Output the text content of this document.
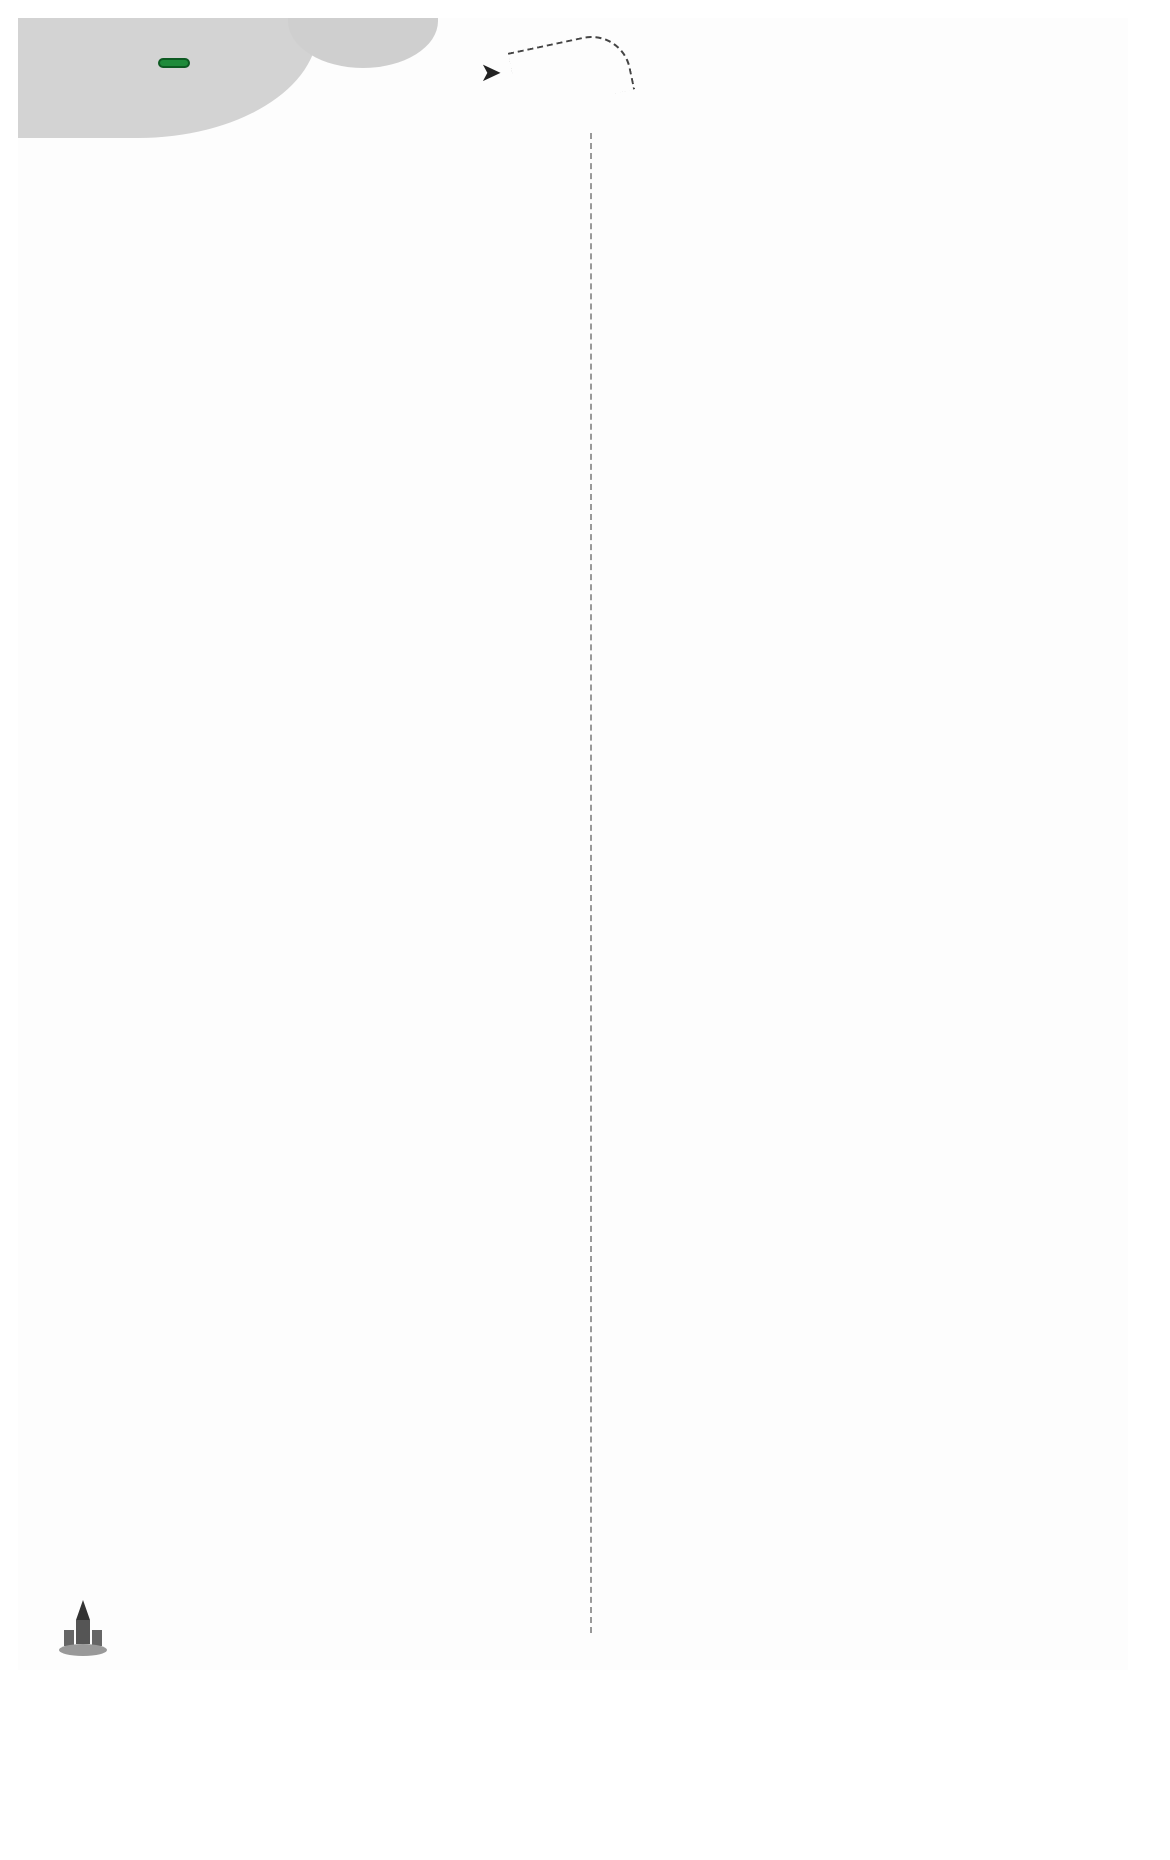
➤
